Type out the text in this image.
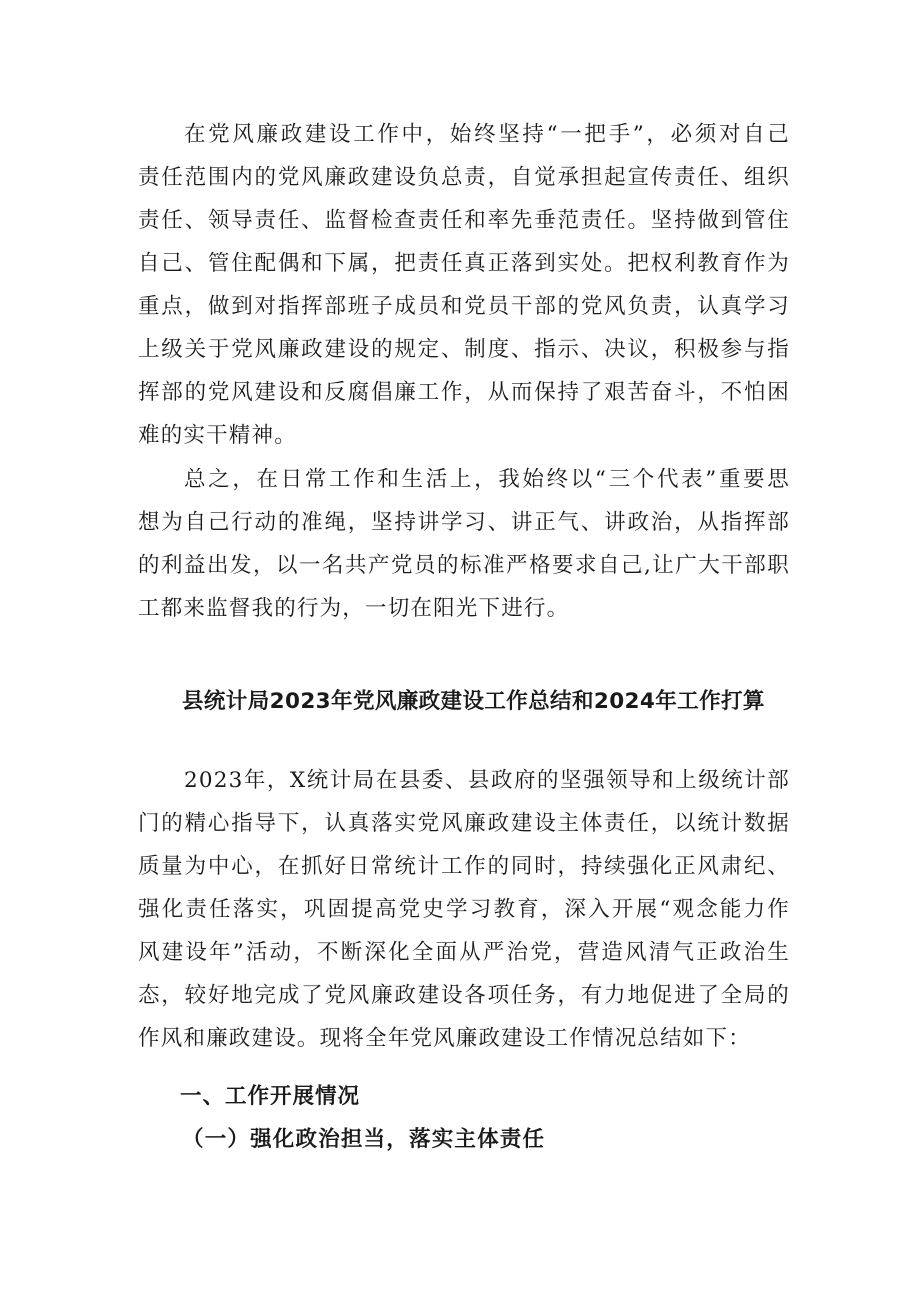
在党风廉政建设工作中，始终坚持“一把手”，必须对自己
责任范围内的党风廉政建设负总责，自觉承担起宣传责任、组织
责任、领导责任、监督检查责任和率先垂范责任。坚持做到管住
自己、管住配偶和下属，把责任真正落到实处。把权利教育作为
重点，做到对指挥部班子成员和党员干部的党风负责，认真学习
上级关于党风廉政建设的规定、制度、指示、决议，积极参与指
挥部的党风建设和反腐倡廉工作，从而保持了艰苦奋斗，不怕困
难的实干精神。
总之，在日常工作和生活上，我始终以“三个代表”重要思
想为自己行动的准绳，坚持讲学习、讲正气、讲政治，从指挥部
的利益出发，以一名共产党员的标准严格要求自己,让广大干部职
工都来监督我的行为，一切在阳光下进行。
县统计局2023年党风廉政建设工作总结和2024年工作打算
2023年，X统计局在县委、县政府的坚强领导和上级统计部
门的精心指导下，认真落实党风廉政建设主体责任，以统计数据
质量为中心，在抓好日常统计工作的同时，持续强化正风肃纪、
强化责任落实，巩固提高党史学习教育，深入开展“观念能力作
风建设年”活动，不断深化全面从严治党，营造风清气正政治生
态，较好地完成了党风廉政建设各项任务，有力地促进了全局的
作风和廉政建设。现将全年党风廉政建设工作情况总结如下：
一、工作开展情况
（一）强化政治担当，落实主体责任
